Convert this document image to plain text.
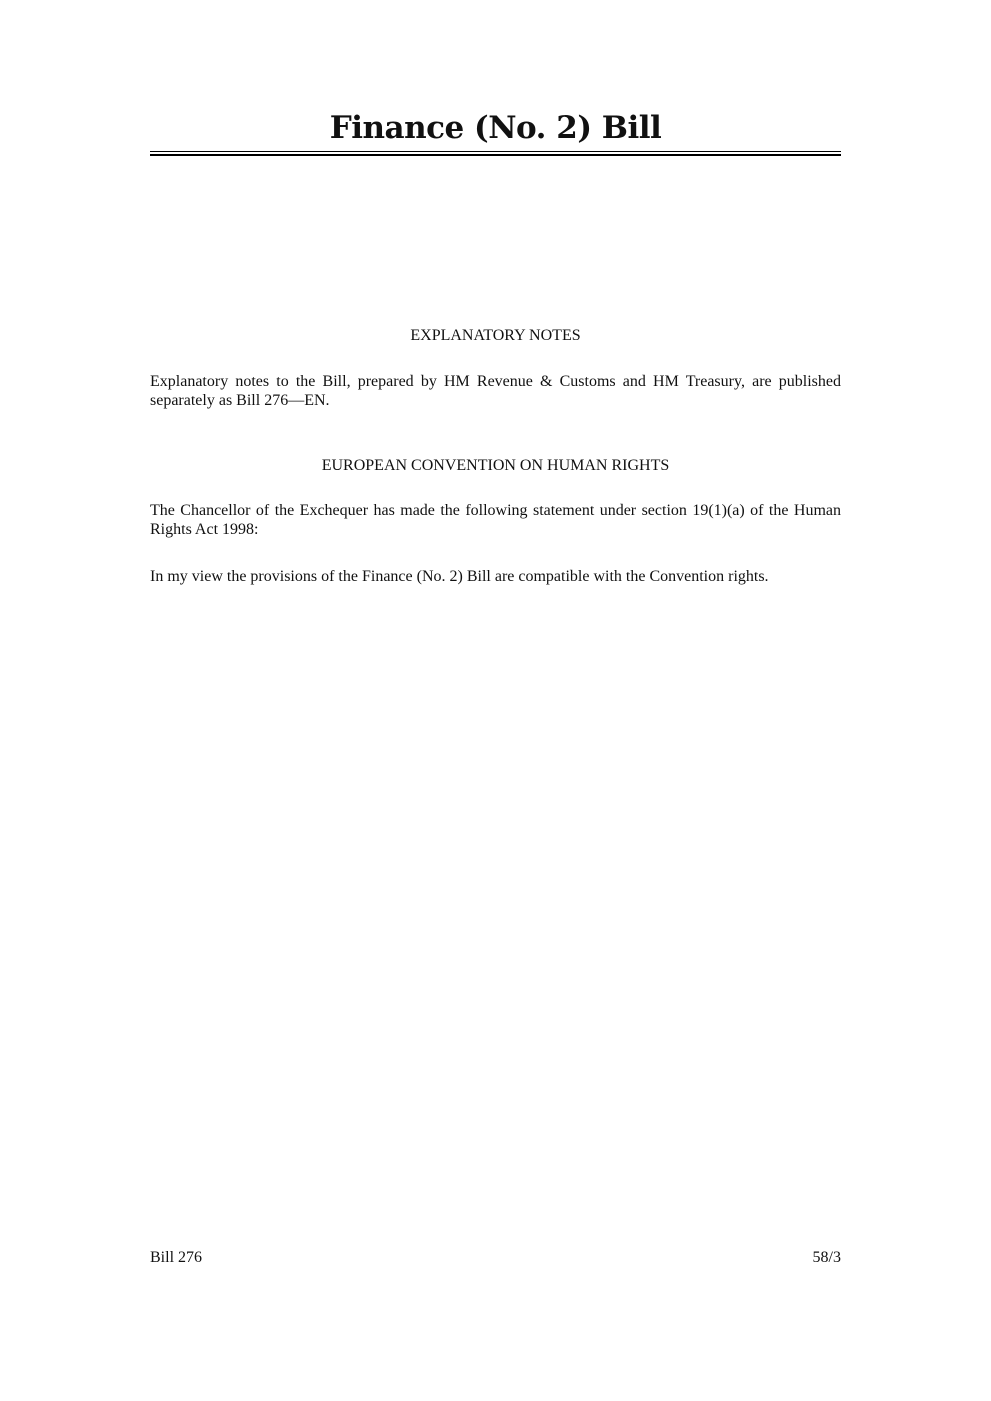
Finance (No. 2) Bill
EXPLANATORY NOTES
Explanatory notes to the Bill, prepared by HM Revenue & Customs and HM Treasury, are published separately as Bill 276—EN.
EUROPEAN CONVENTION ON HUMAN RIGHTS
The Chancellor of the Exchequer has made the following statement under section 19(1)(a) of the Human Rights Act 1998:
In my view the provisions of the Finance (No. 2) Bill are compatible with the Convention rights.
Bill 276	58/3
